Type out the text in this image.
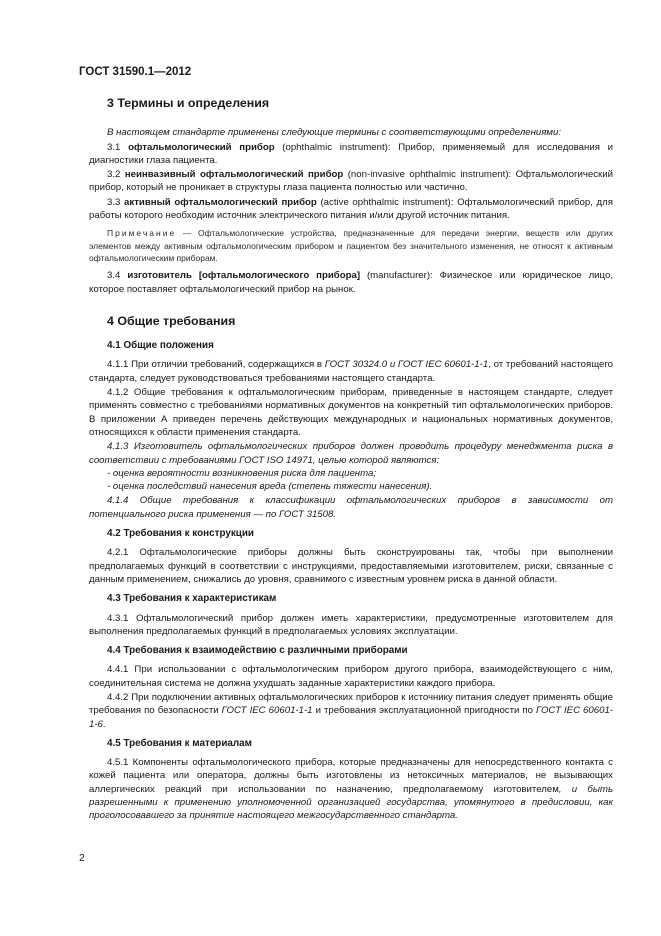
ГОСТ 31590.1—2012
3 Термины и определения

В настоящем стандарте применены следующие термины с соответствующими определениями:

3.1 офтальмологический прибор (ophthalmic instrument): Прибор, применяемый для исследования и диагностики глаза пациента.

3.2 неинвазивный офтальмологический прибор (non-invasive ophthalmic instrument): Офтальмологический прибор, который не проникает в структуры глаза пациента полностью или частично.

3.3 активный офтальмологический прибор (active ophthalmic instrument): Офтальмологический прибор, для работы которого необходим источник электрического питания и/или другой источник питания.

Примечание — Офтальмологические устройства, предназначенные для передачи энергии, веществ или других элементов между активным офтальмологическим прибором и пациентом без значительного изменения, не относят к активным офтальмологическим приборам.

3.4 изготовитель [офтальмологического прибора] (manufacturer): Физическое или юридическое лицо, которое поставляет офтальмологический прибор на рынок.

4 Общие требования
4.1 Общие положения

4.1.1 При отличии требований, содержащихся в ГОСТ 30324.0 и ГОСТ IEC 60601-1-1, от требований настоящего стандарта, следует руководствоваться требованиями настоящего стандарта.

4.1.2 Общие требования к офтальмологическим приборам, приведенные в настоящем стандарте, следует применять совместно с требованиями нормативных документов на конкретный тип офтальмологических приборов. В приложении А приведен перечень действующих международных и национальных нормативных документов, относящихся к области применения стандарта.

4.1.3 Изготовитель офтальмологических приборов должен проводить процедуру менеджмента риска в соответствии с требованиями ГОСТ ISO 14971, целью которой являются:

- оценка вероятности возникновения риска для пациента;

- оценка последствий нанесения вреда (степень тяжести нанесения).

4.1.4 Общие требования к классификации офтальмологических приборов в зависимости от потенциального риска применения — по ГОСТ 31508.

4.2 Требования к конструкции

4.2.1 Офтальмологические приборы должны быть сконструированы так, чтобы при выполнении предполагаемых функций в соответствии с инструкциями, предоставляемыми изготовителем, риски, связанные с данным применением, снижались до уровня, сравнимого с известным уровнем риска в данной области.

4.3 Требования к характеристикам

4.3.1 Офтальмологический прибор должен иметь характеристики, предусмотренные изготовителем для выполнения предполагаемых функций в предполагаемых условиях эксплуатации.

4.4 Требования к взаимодействию с различными приборами

4.4.1 При использовании с офтальмологическим прибором другого прибора, взаимодействующего с ним, соединительная система не должна ухудшать заданные характеристики каждого прибора.

4.4.2 При подключении активных офтальмологических приборов к источнику питания следует применять общие требования по безопасности ГОСТ IEC 60601-1-1 и требования эксплуатационной пригодности по ГОСТ IEC 60601-1-6.

4.5 Требования к материалам

4.5.1 Компоненты офтальмологического прибора, которые предназначены для непосредственного контакта с кожей пациента или оператора, должны быть изготовлены из нетоксичных материалов, не вызывающих аллергических реакций при использовании по назначению, предполагаемому изготовителем, и быть разрешенными к применению уполномоченной организацией государства, упомянутого в предисловии, как проголосовавшего за принятие настоящего межгосударственного стандарта.

2
